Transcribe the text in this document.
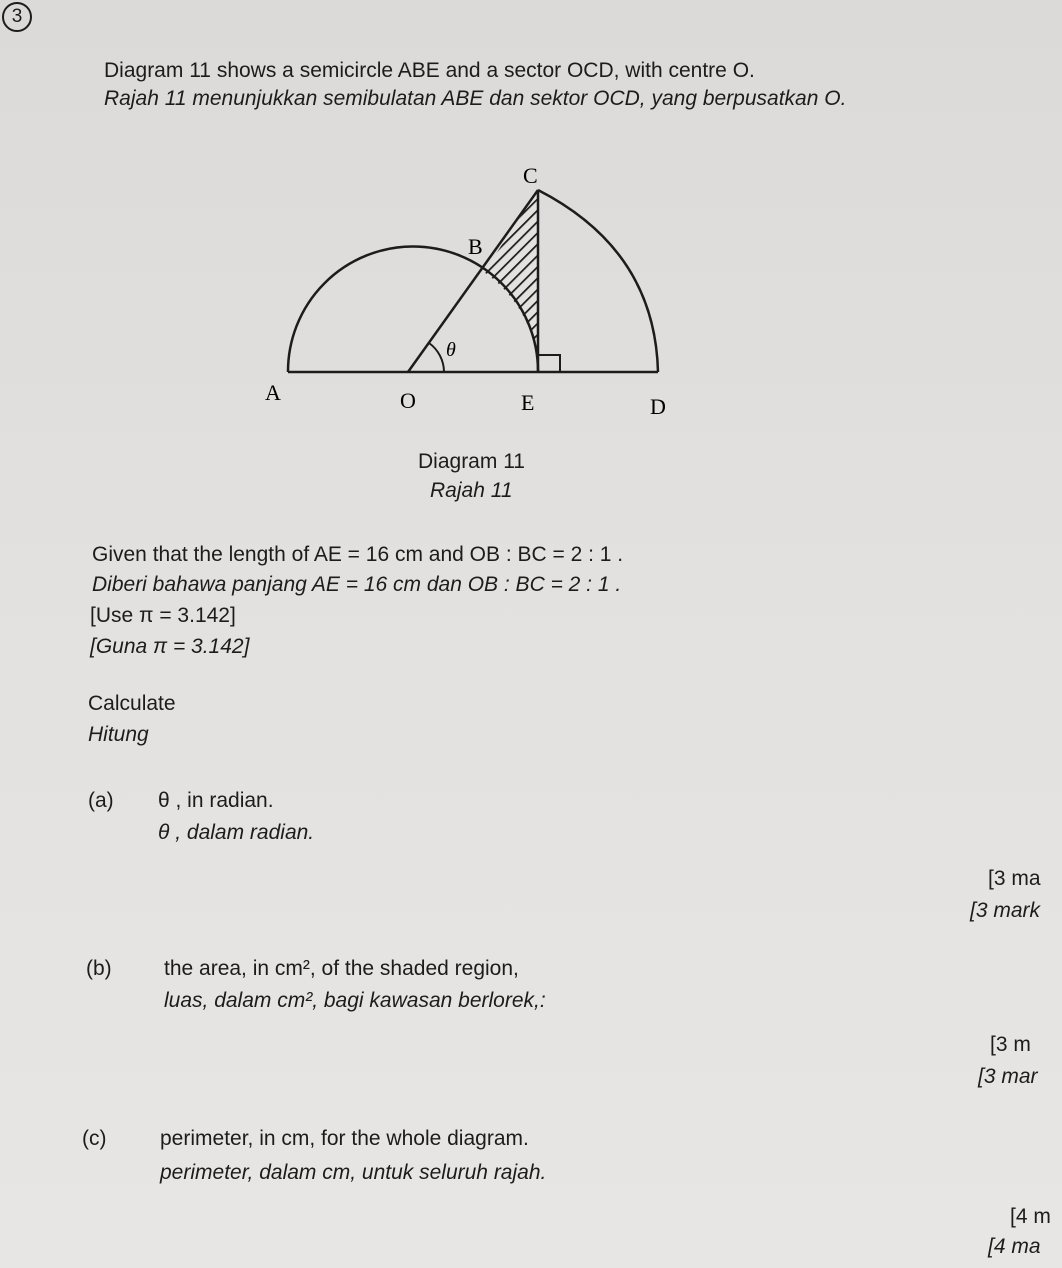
3
Diagram 11 shows a semicircle ABE and a sector OCD, with centre O.
Rajah 11 menunjukkan semibulatan ABE dan sektor OCD, yang berpusatkan O.
C
B
θ
A	O	E	D
Diagram 11
Rajah 11
Given that the length of AE = 16 cm and OB : BC = 2 : 1 .
Diberi bahawa panjang AE = 16 cm dan OB : BC = 2 : 1 .
[Use π = 3.142]
[Guna π = 3.142]
Calculate
Hitung
(a) θ , in radian.
θ , dalam radian.
[3 ma
[3 mark
(b) the area, in cm², of the shaded region,
luas, dalam cm², bagi kawasan berlorek,:
[3 m
[3 mar
(c)	perimeter, in cm, for the whole diagram.
perimeter, dalam cm, untuk seluruh rajah.
[4 m
[4 ma
